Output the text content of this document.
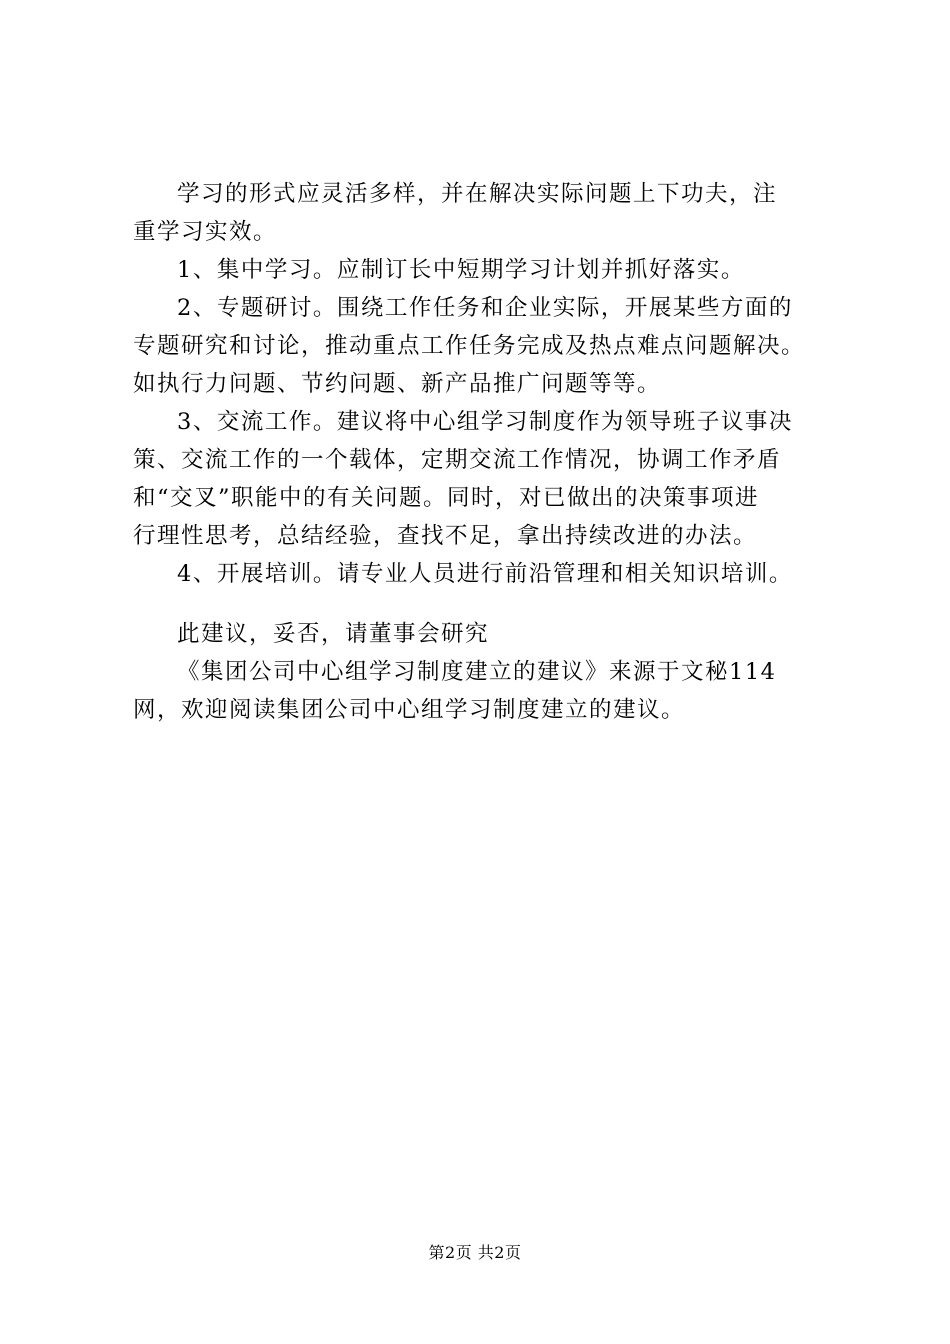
学习的形式应灵活多样，并在解决实际问题上下功夫，注
重学习实效。
1、集中学习。应制订长中短期学习计划并抓好落实。
2、专题研讨。围绕工作任务和企业实际，开展某些方面的
专题研究和讨论，推动重点工作任务完成及热点难点问题解决。
如执行力问题、节约问题、新产品推广问题等等。
3、交流工作。建议将中心组学习制度作为领导班子议事决
策、交流工作的一个载体，定期交流工作情况，协调工作矛盾
和“交叉”职能中的有关问题。同时，对已做出的决策事项进
行理性思考，总结经验，查找不足，拿出持续改进的办法。
4、开展培训。请专业人员进行前沿管理和相关知识培训。
此建议，妥否，请董事会研究
《集团公司中心组学习制度建立的建议》来源于文秘114
网，欢迎阅读集团公司中心组学习制度建立的建议。
第2页 共2页
